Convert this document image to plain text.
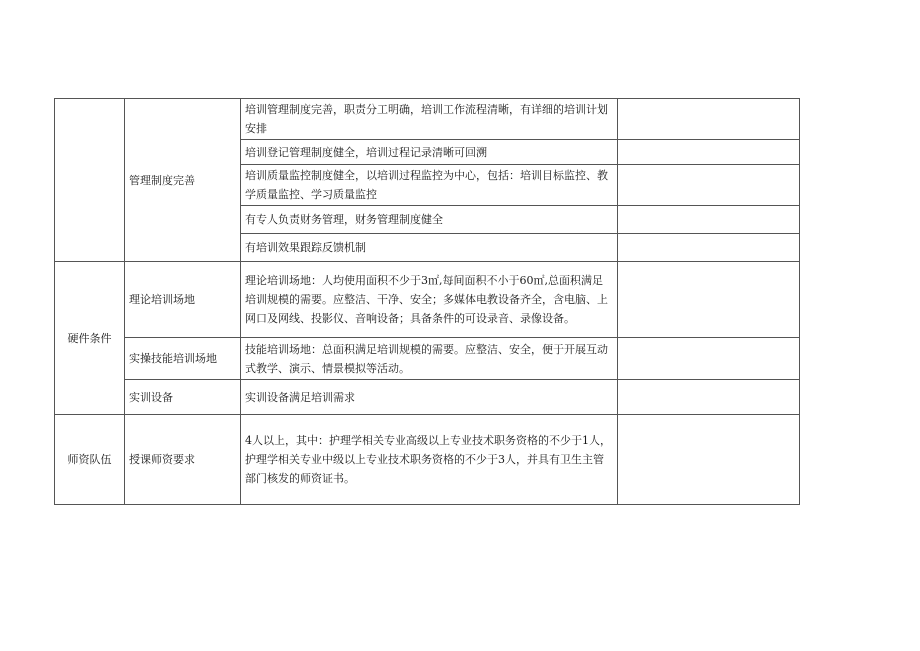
	管理制度完善	培训管理制度完善，职责分工明确，培训工作流程清晰，有详细的培训计划安排	
		培训登记管理制度健全，培训过程记录清晰可回溯	
		培训质量监控制度健全，以培训过程监控为中心，包括：培训目标监控、教学质量监控、学习质量监控	
		有专人负责财务管理，财务管理制度健全	
		有培训效果跟踪反馈机制	
硬件条件	理论培训场地	理论培训场地：人均使用面积不少于3㎡,每间面积不小于60㎡,总面积满足培训规模的需要。应整洁、干净、安全；多媒体电教设备齐全，含电脑、上网口及网线、投影仪、音响设备；具备条件的可设录音、录像设备。	
	实操技能培训场地	技能培训场地：总面积满足培训规模的需要。应整洁、安全，便于开展互动式教学、演示、情景模拟等活动。	
	实训设备	实训设备满足培训需求	
师资队伍	授课师资要求	4人以上，其中：护理学相关专业高级以上专业技术职务资格的不少于1人，护理学相关专业中级以上专业技术职务资格的不少于3人，并具有卫生主管部门核发的师资证书。	
